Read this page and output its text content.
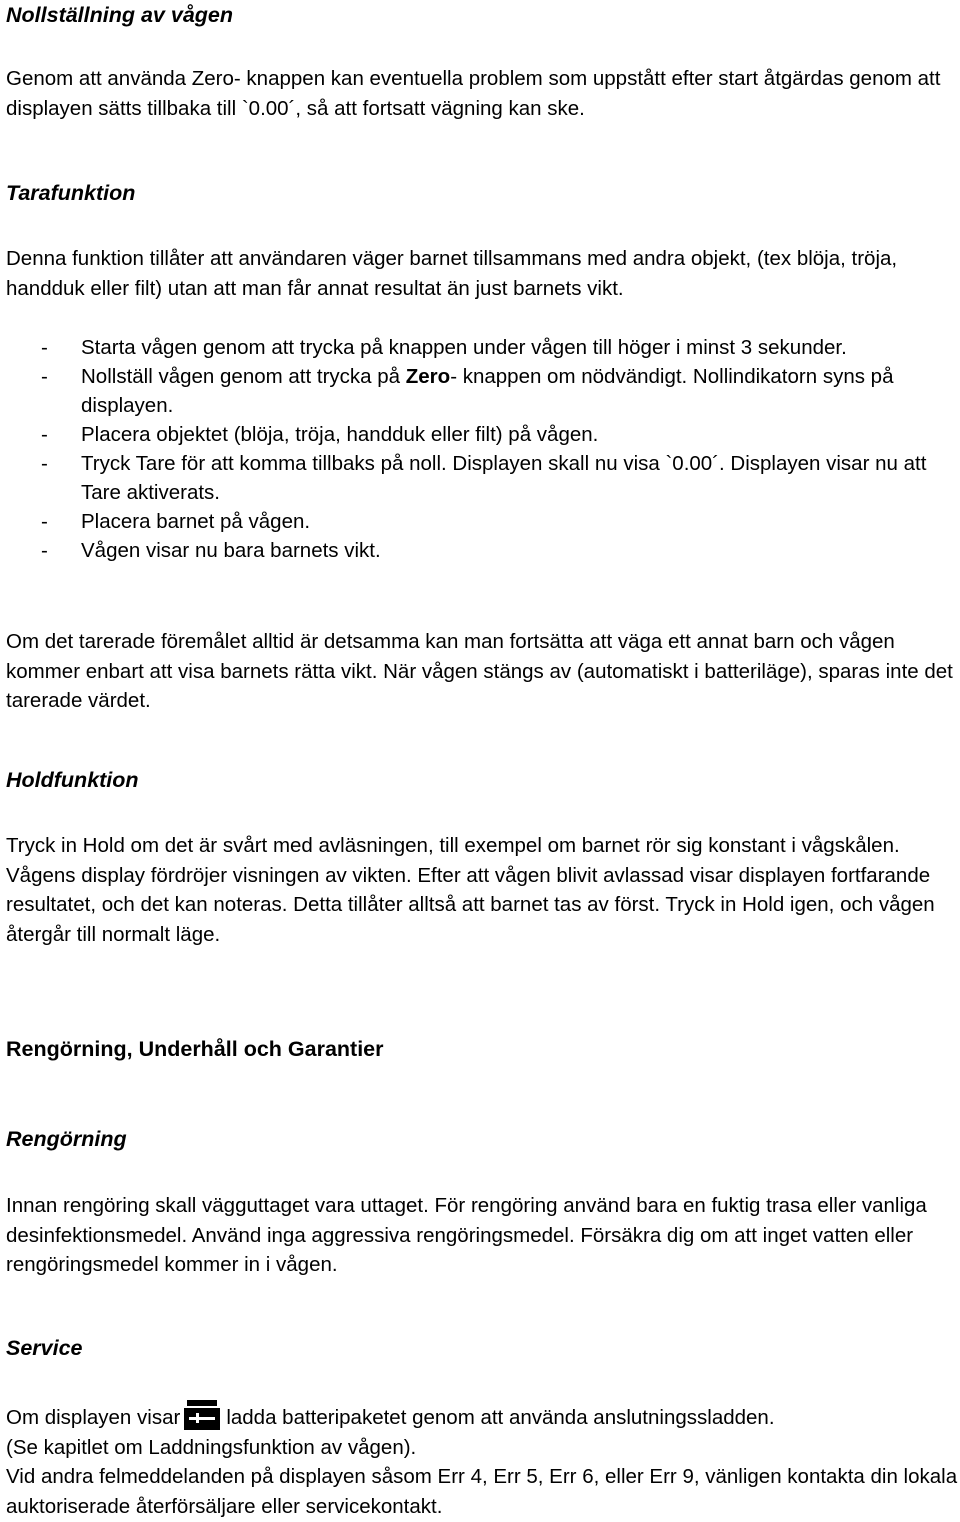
Nollställning av vågen

Genom att använda Zero- knappen kan eventuella problem som uppstått efter start åtgärdas genom att displayen sätts tillbaka till `0.00´, så att fortsatt vägning kan ske.

Tarafunktion

Denna funktion tillåter att användaren väger barnet tillsammans med andra objekt, (tex blöja, tröja, handduk eller filt) utan att man får annat resultat än just barnets vikt.

- Starta vågen genom att trycka på knappen under vågen till höger i minst 3 sekunder.
- Nollställ vågen genom att trycka på Zero- knappen om nödvändigt. Nollindikatorn syns på displayen.
- Placera objektet (blöja, tröja, handduk eller filt) på vågen.
- Tryck Tare för att komma tillbaks på noll. Displayen skall nu visa `0.00´. Displayen visar nu att Tare aktiverats.
- Placera barnet på vågen.
- Vågen visar nu bara barnets vikt.

Om det tarerade föremålet alltid är detsamma kan man fortsätta att väga ett annat barn och vågen kommer enbart att visa barnets rätta vikt. När vågen stängs av (automatiskt i batteriläge), sparas inte det tarerade värdet.

Holdfunktion

Tryck in Hold om det är svårt med avläsningen, till exempel om barnet rör sig konstant i vågskålen. Vågens display fördröjer visningen av vikten. Efter att vågen blivit avlassad visar displayen fortfarande resultatet, och det kan noteras. Detta tillåter alltså att barnet tas av först. Tryck in Hold igen, och vågen återgår till normalt läge.

Rengörning, Underhåll och Garantier
Rengörning

Innan rengöring skall vägguttaget vara uttaget. För rengöring använd bara en fuktig trasa eller vanliga desinfektionsmedel. Använd inga aggressiva rengöringsmedel. Försäkra dig om att inget vatten eller rengöringsmedel kommer in i vågen.

Service

Om displayen visar ladda batteripaketet genom att använda anslutningssladden.

(Se kapitlet om Laddningsfunktion av vågen).

Vid andra felmeddelanden på displayen såsom Err 4, Err 5, Err 6, eller Err 9, vänligen kontakta din lokala auktoriserade återförsäljare eller servicekontakt.
